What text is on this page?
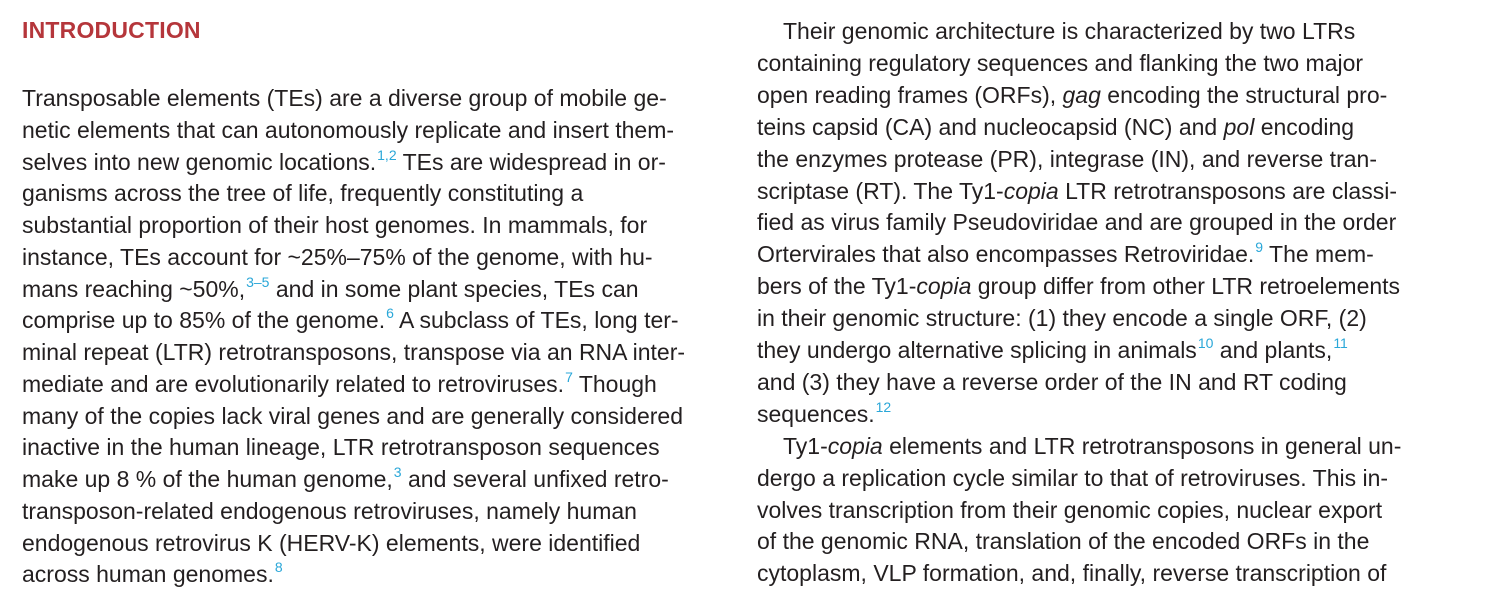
INTRODUCTION

Transposable elements (TEs) are a diverse group of mobile ge-

netic elements that can autonomously replicate and insert them-

selves into new genomic locations.$^{1,2}$ TEs are widespread in or-

ganisms across the tree of life, frequently constituting a

substantial proportion of their host genomes. In mammals, for

instance, TEs account for ~25%–75% of the genome, with hu-

mans reaching ~50%,$^{3-5}$ and in some plant species, TEs can

comprise up to 85% of the genome.$^6$ A subclass of TEs, long ter-

minal repeat (LTR) retrotransposons, transpose via an RNA inter-

mediate and are evolutionarily related to retroviruses.$^7$ Though

many of the copies lack viral genes and are generally considered

inactive in the human lineage, LTR retrotransposon sequences

make up 8 % of the human genome,$^3$ and several unfixed retro-

transposon-related endogenous retroviruses, namely human

endogenous retrovirus K (HERV-K) elements, were identified

across human genomes.$^8$

Their genomic architecture is characterized by two LTRs

containing regulatory sequences and flanking the two major

open reading frames (ORFs), gag encoding the structural pro-

teins capsid (CA) and nucleocapsid (NC) and pol encoding

the enzymes protease (PR), integrase (IN), and reverse tran-

scriptase (RT). The Ty1-copia LTR retrotransposons are classi-

fied as virus family Pseudoviridae and are grouped in the order

Ortervirales that also encompasses Retroviridae.$^9$ The mem-

bers of the Ty1-copia group differ from other LTR retroelements

in their genomic structure: (1) they encode a single ORF, (2)

they undergo alternative splicing in animals$^{10}$ and plants,$^{11}$

and (3) they have a reverse order of the IN and RT coding

sequences.$^{12}$

Ty1-copia elements and LTR retrotransposons in general un-

dergo a replication cycle similar to that of retroviruses. This in-

volves transcription from their genomic copies, nuclear export

of the genomic RNA, translation of the encoded ORFs in the

cytoplasm, VLP formation, and, finally, reverse transcription of
